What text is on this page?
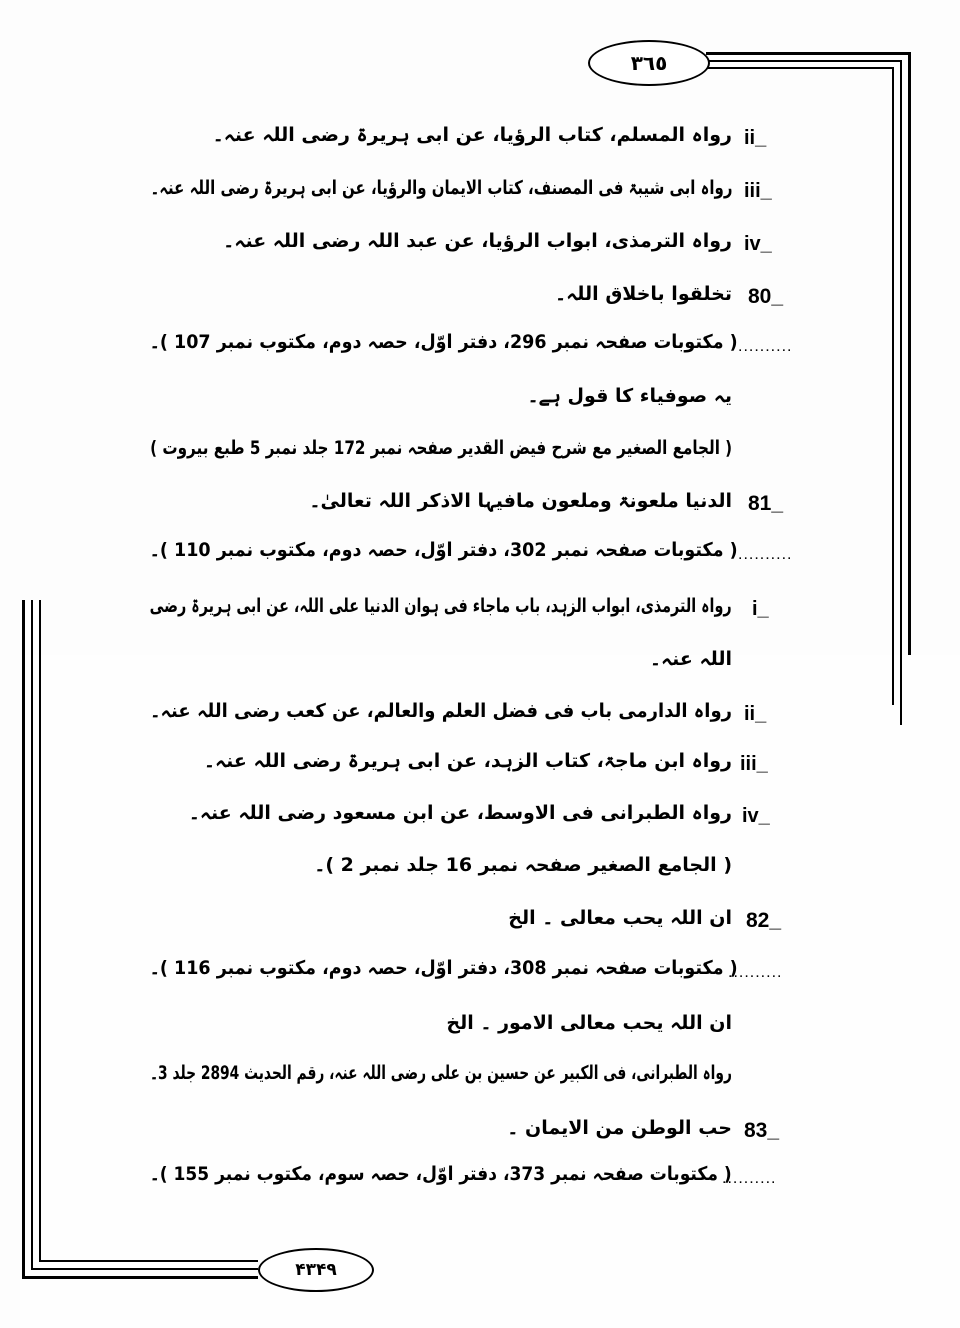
٣٦٥
۴۳۴۹
رواہ المسلم، کتاب الرؤیا، عن ابی ہریرۃ رضی اللہ عنہ۔ ii_
رواہ ابی شیبۃ فی المصنف، کتاب الایمان والرؤیا، عن ابی ہریرۃ رضی اللہ عنہ۔ iii_
رواہ الترمذی، ابواب الرؤیا، عن عبد اللہ رضی اللہ عنہ۔ iv_
تخلقوا باخلاق اللہ۔ 80_
( مکتوبات صفحہ نمبر 296، دفتر اوّل، حصہ دوم، مکتوب نمبر 107 )۔ ..........
یہ صوفیاء کا قول ہے۔
( الجامع الصغیر مع شرح فیض القدیر صفحہ نمبر 172 جلد نمبر 5 طبع بیروت )
الدنیا ملعونۃ وملعون مافیہا الاذکر اللہ تعالیٰ۔ 81_
( مکتوبات صفحہ نمبر 302، دفتر اوّل، حصہ دوم، مکتوب نمبر 110 )۔ ..........
رواہ الترمذی، ابواب الزہد، باب ماجاء فی ہوان الدنیا علی اللہ، عن ابی ہریرۃ رضی i_
اللہ عنہ۔
رواہ الدارمی باب فی فضل العلم والعالم، عن کعب رضی اللہ عنہ۔ ii_
رواہ ابن ماجۃ، کتاب الزہد، عن ابی ہریرۃ رضی اللہ عنہ۔ iii_
رواہ الطبرانی فی الاوسط، عن ابن مسعود رضی اللہ عنہ۔ iv_
( الجامع الصغیر صفحہ نمبر 16 جلد نمبر 2 )۔
ان اللہ یحب معالی ۔ الخ 82_
( مکتوبات صفحہ نمبر 308، دفتر اوّل، حصہ دوم، مکتوب نمبر 116 )۔
..........
ان اللہ یحب معالی الامور ۔ الخ
رواہ الطبرانی، فی الکبیر عن حسین بن علی رضی اللہ عنہ، رقم الحدیث 2894 جلد 3۔
حب الوطن من الایمان ۔ 83_
( مکتوبات صفحہ نمبر 373، دفتر اوّل، حصہ سوم، مکتوب نمبر 155 )۔
..........
